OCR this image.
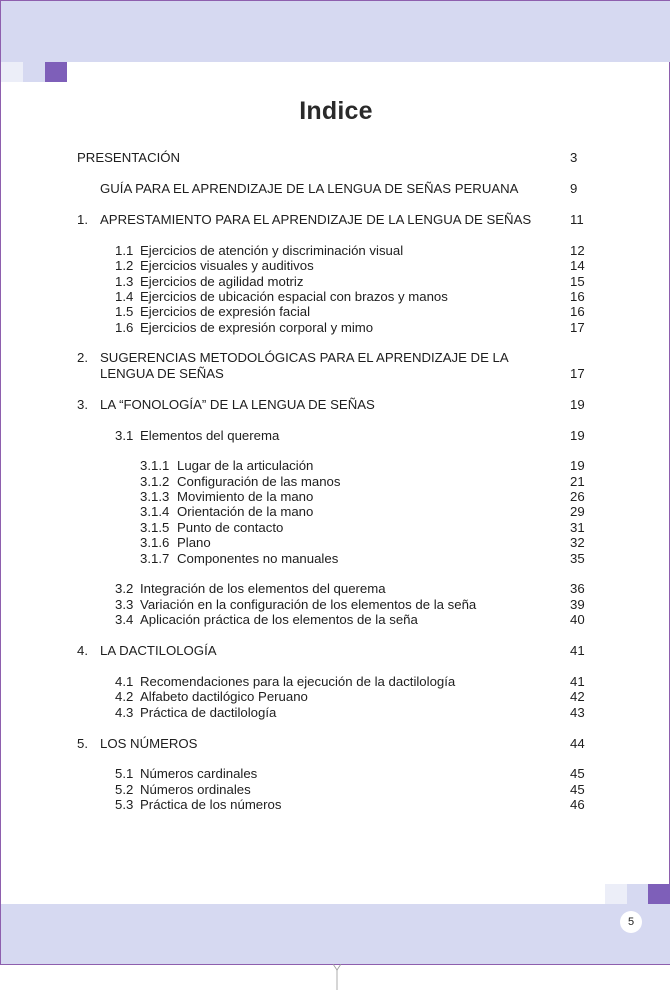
Indice
PRESENTACIÓN	3
GUÍA PARA EL APRENDIZAJE DE LA LENGUA DE SEÑAS PERUANA	9
1. APRESTAMIENTO PARA EL APRENDIZAJE DE LA LENGUA DE SEÑAS	11
1.1 Ejercicios de atención y discriminación visual	12
1.2 Ejercicios visuales y auditivos	14
1.3 Ejercicios de agilidad motriz	15
1.4 Ejercicios de ubicación espacial con brazos y manos	16
1.5 Ejercicios de expresión facial	16
1.6 Ejercicios de expresión corporal y mimo	17
2. SUGERENCIAS METODOLÓGICAS PARA EL APRENDIZAJE DE LA
LENGUA DE SEÑAS	17
3. LA “FONOLOGÍA” DE LA LENGUA DE SEÑAS	19
3.1 Elementos del querema	19
3.1.1 Lugar de la articulación	19
3.1.2 Configuración de las manos	21
3.1.3 Movimiento de la mano	26
3.1.4 Orientación de la mano	29
3.1.5 Punto de contacto	31
3.1.6 Plano	32
3.1.7 Componentes no manuales	35
3.2 Integración de los elementos del querema	36
3.3 Variación en la configuración de los elementos de la seña	39
3.4 Aplicación práctica de los elementos de la seña	40
4. LA DACTILOLOGÍA	41
4.1 Recomendaciones para la ejecución de la dactilología	41
4.2 Alfabeto dactilógico Peruano	42
4.3 Práctica de dactilología	43
5. LOS NÚMEROS	44
5.1 Números cardinales	45
5.2 Números ordinales	45
5.3 Práctica de los números	46
5
